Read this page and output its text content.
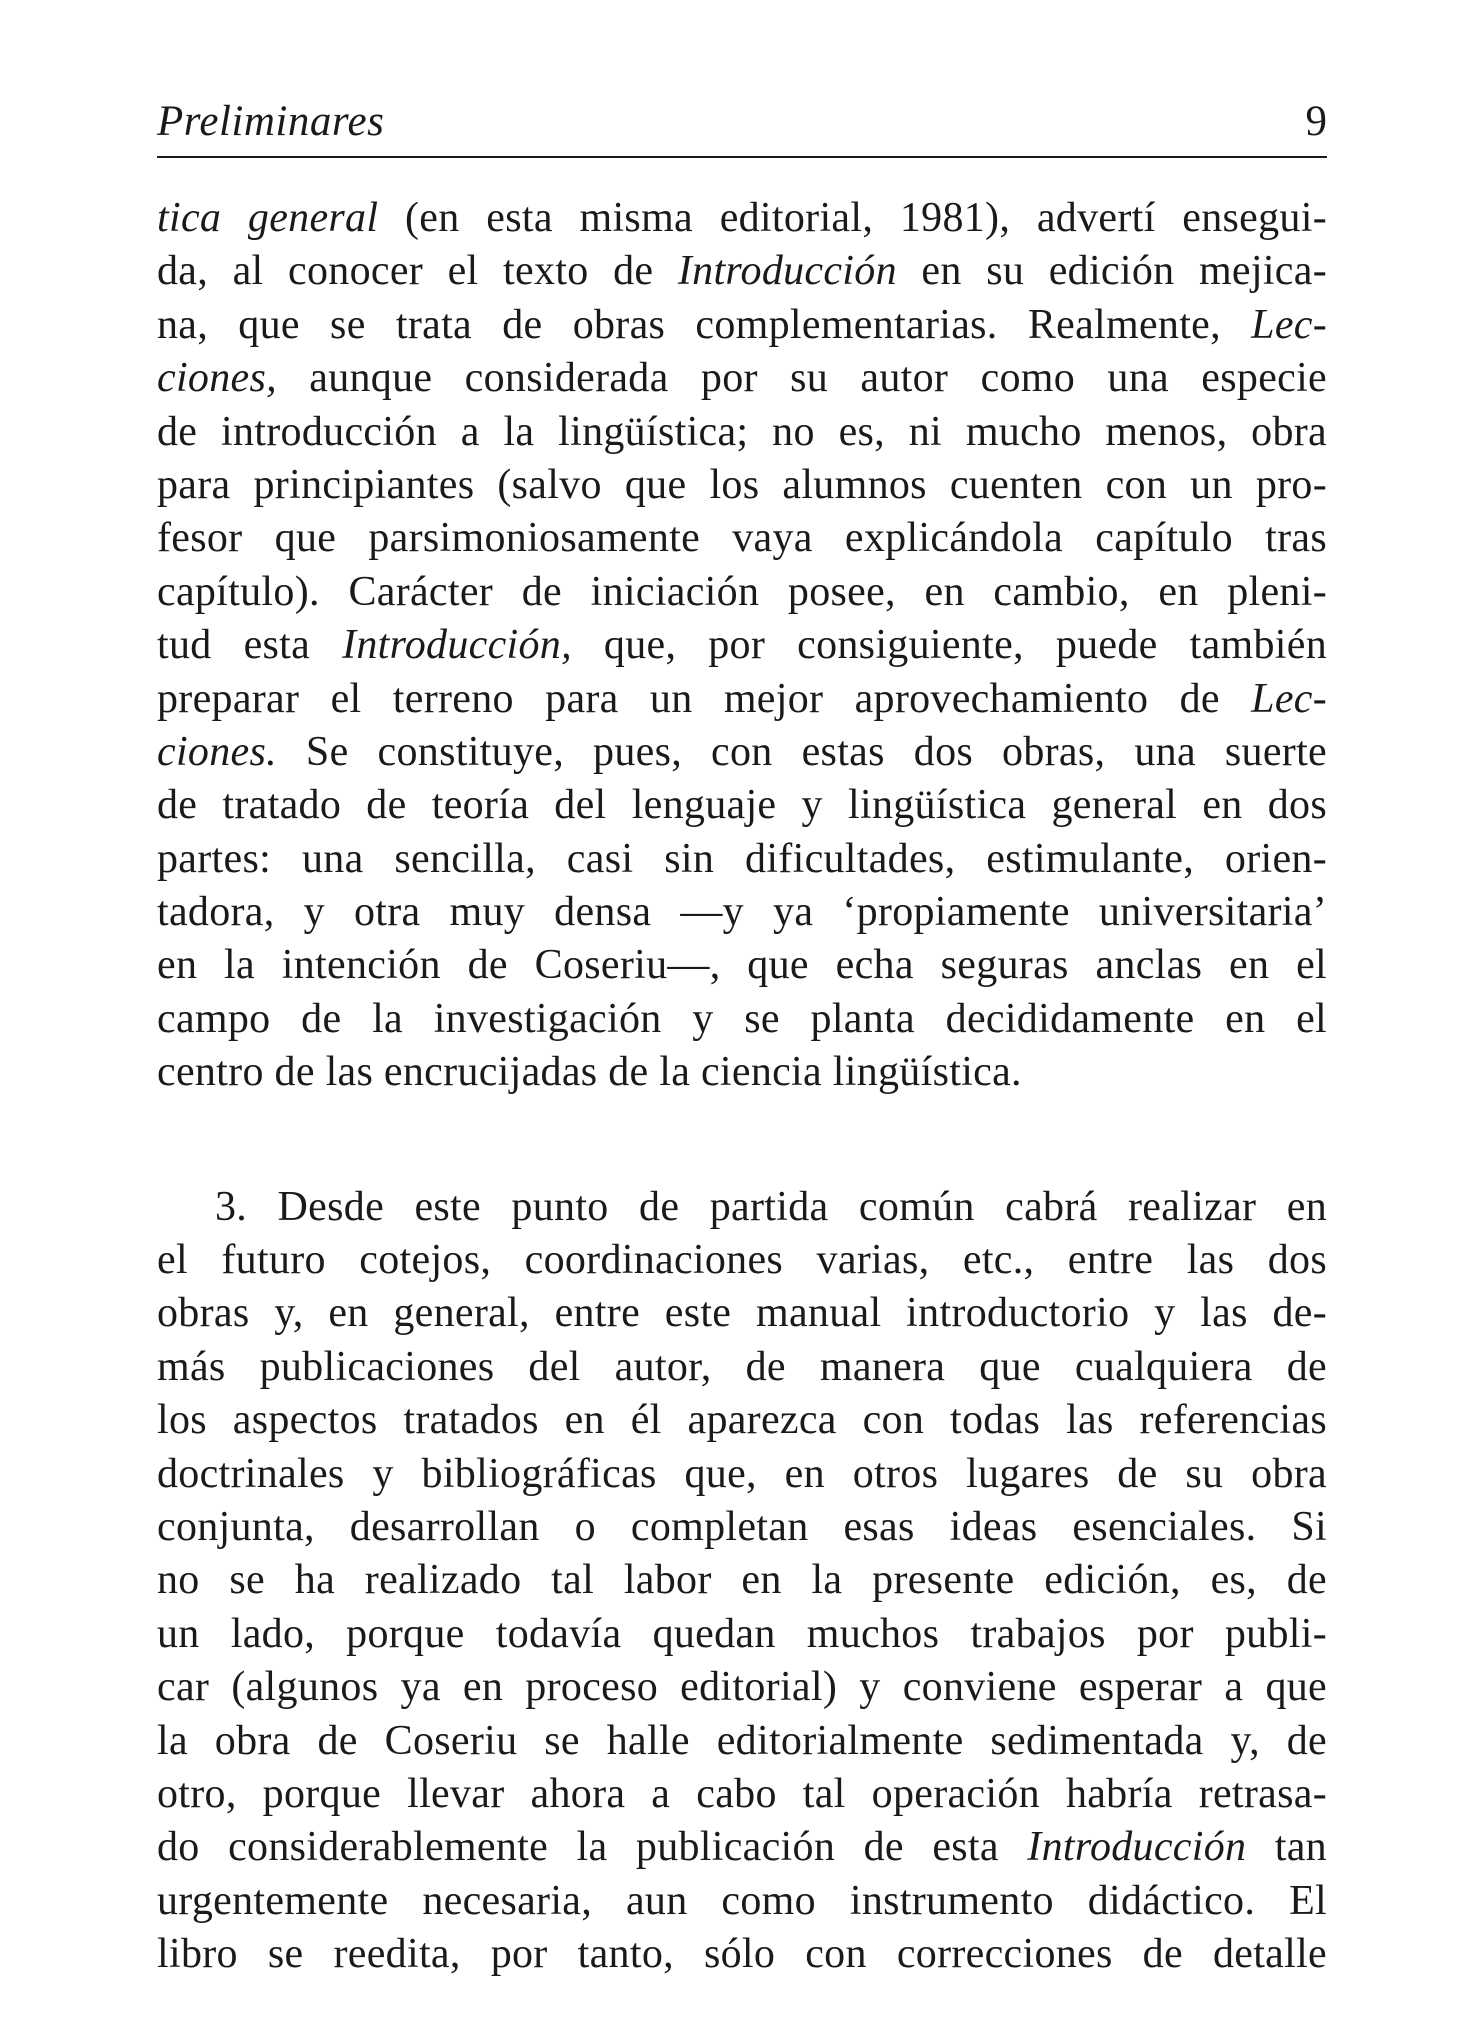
Preliminares	9
tica general (en esta misma editorial, 1981), advertí ensegui-
da, al conocer el texto de Introducción en su edición mejica-
na, que se trata de obras complementarias. Realmente, Lec-
ciones, aunque considerada por su autor como una especie
de introducción a la lingüística; no es, ni mucho menos, obra
para principiantes (salvo que los alumnos cuenten con un pro-
fesor que parsimoniosamente vaya explicándola capítulo tras
capítulo). Carácter de iniciación posee, en cambio, en pleni-
tud esta Introducción, que, por consiguiente, puede también
preparar el terreno para un mejor aprovechamiento de Lec-
ciones. Se constituye, pues, con estas dos obras, una suerte
de tratado de teoría del lenguaje y lingüística general en dos
partes: una sencilla, casi sin dificultades, estimulante, orien-
tadora, y otra muy densa —y ya ‘propiamente universitaria’
en la intención de Coseriu—, que echa seguras anclas en el
campo de la investigación y se planta decididamente en el
centro de las encrucijadas de la ciencia lingüística.
3. Desde este punto de partida común cabrá realizar en
el futuro cotejos, coordinaciones varias, etc., entre las dos
obras y, en general, entre este manual introductorio y las de-
más publicaciones del autor, de manera que cualquiera de
los aspectos tratados en él aparezca con todas las referencias
doctrinales y bibliográficas que, en otros lugares de su obra
conjunta, desarrollan o completan esas ideas esenciales. Si
no se ha realizado tal labor en la presente edición, es, de
un lado, porque todavía quedan muchos trabajos por publi-
car (algunos ya en proceso editorial) y conviene esperar a que
la obra de Coseriu se halle editorialmente sedimentada y, de
otro, porque llevar ahora a cabo tal operación habría retrasa-
do considerablemente la publicación de esta Introducción tan
urgentemente necesaria, aun como instrumento didáctico. El
libro se reedita, por tanto, sólo con correcciones de detalle
